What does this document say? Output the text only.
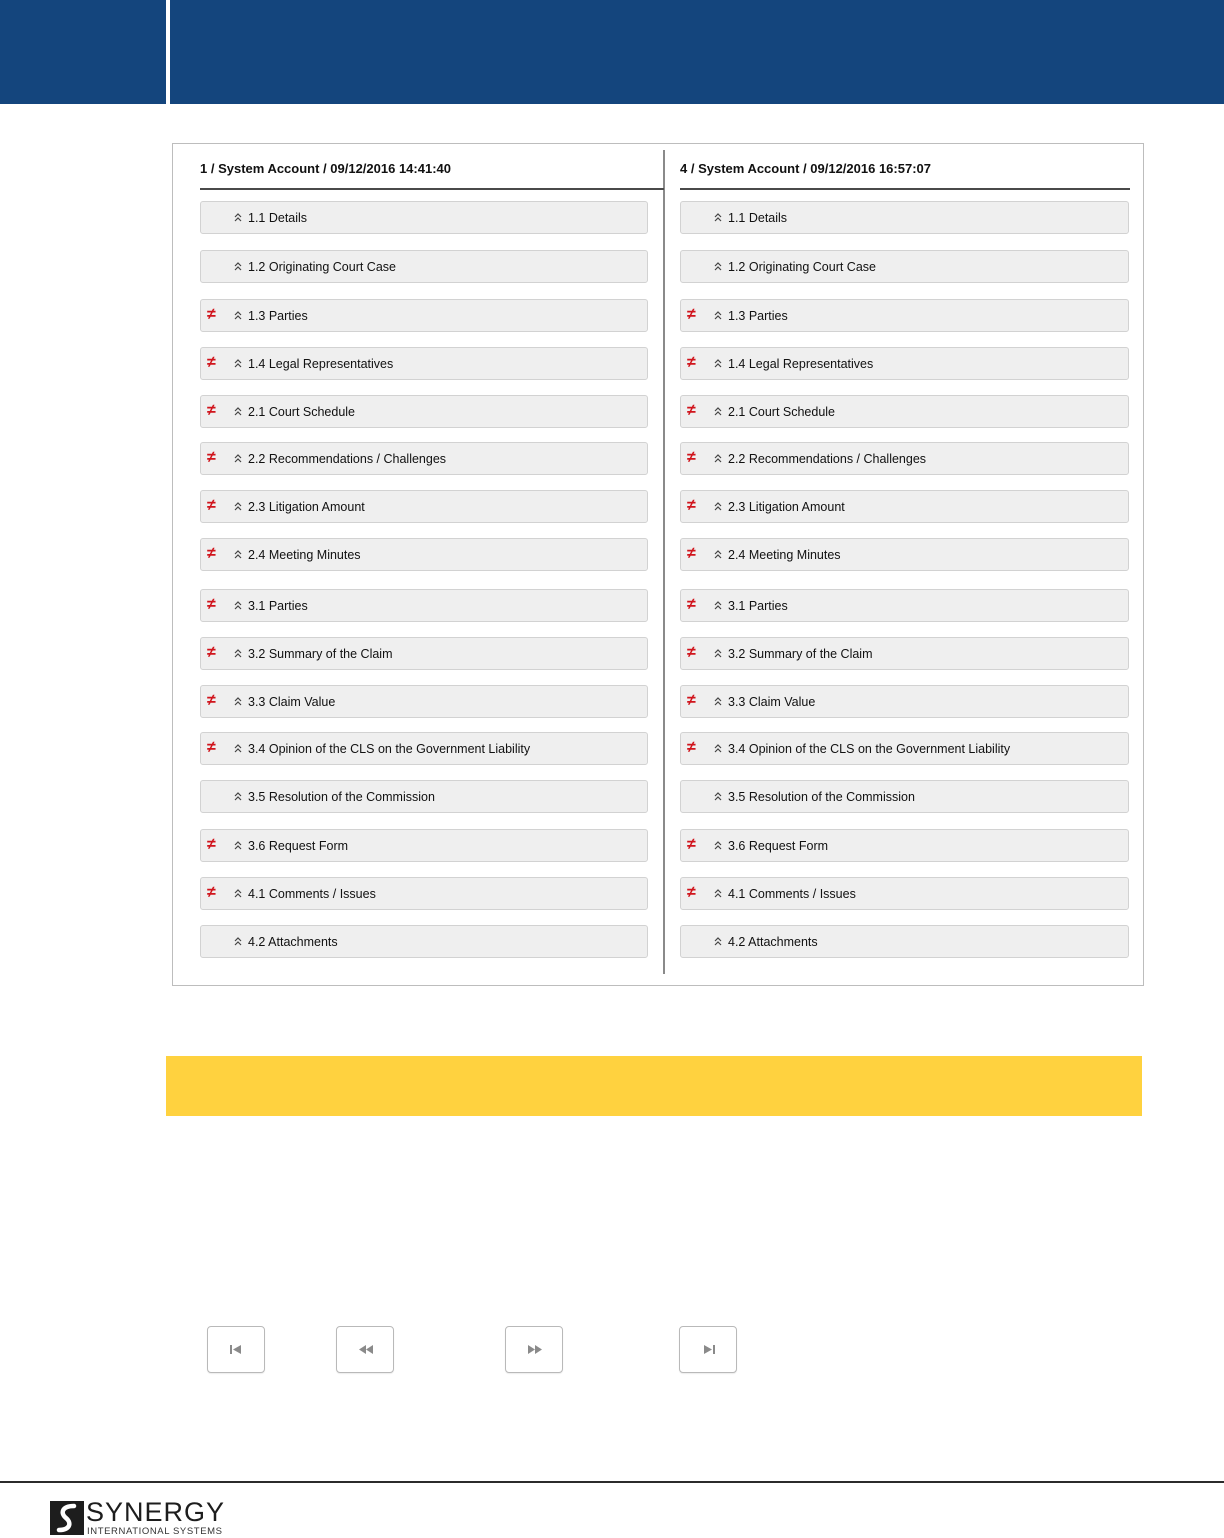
1 / System Account / 09/12/2016 14:41:40
1.1 Details
1.2 Originating Court Case
≠	1.3 Parties
≠	1.4 Legal Representatives
≠	2.1 Court Schedule
≠	2.2 Recommendations / Challenges
≠	2.3 Litigation Amount
≠	2.4 Meeting Minutes
≠	3.1 Parties
≠	3.2 Summary of the Claim
≠	3.3 Claim Value
≠	3.4 Opinion of the CLS on the Government Liability
3.5 Resolution of the Commission
≠	3.6 Request Form
≠	4.1 Comments / Issues
4.2 Attachments
4 / System Account / 09/12/2016 16:57:07
1.1 Details
1.2 Originating Court Case
≠	1.3 Parties
≠	1.4 Legal Representatives
≠	2.1 Court Schedule
≠	2.2 Recommendations / Challenges
≠	2.3 Litigation Amount
≠	2.4 Meeting Minutes
≠	3.1 Parties
≠	3.2 Summary of the Claim
≠	3.3 Claim Value
≠	3.4 Opinion of the CLS on the Government Liability
3.5 Resolution of the Commission
≠	3.6 Request Form
≠	4.1 Comments / Issues
4.2 Attachments
SYNERGY
INTERNATIONAL SYSTEMS
